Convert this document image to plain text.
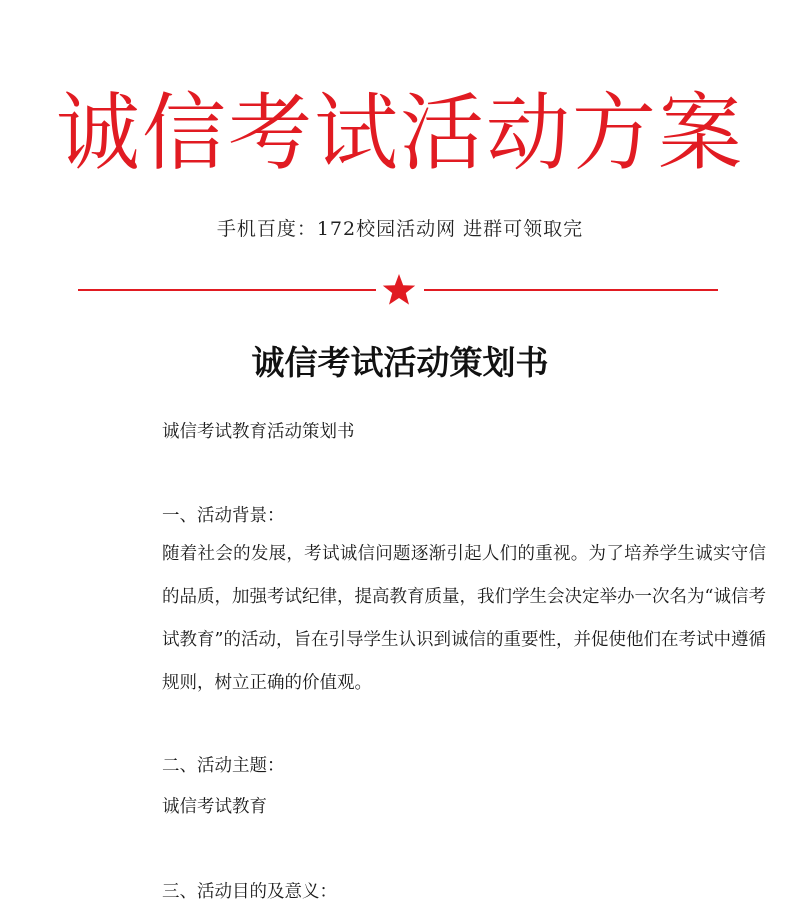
诚信考试活动方案
手机百度：172校园活动网 进群可领取完
诚信考试活动策划书

诚信考试教育活动策划书

一、活动背景：

随着社会的发展，考试诚信问题逐渐引起人们的重视。为了培养学生诚实守信的品质，加强考试纪律，提高教育质量，我们学生会决定举办一次名为“诚信考试教育”的活动，旨在引导学生认识到诚信的重要性，并促使他们在考试中遵循规则，树立正确的价值观。

二、活动主题：

诚信考试教育

三、活动目的及意义：
